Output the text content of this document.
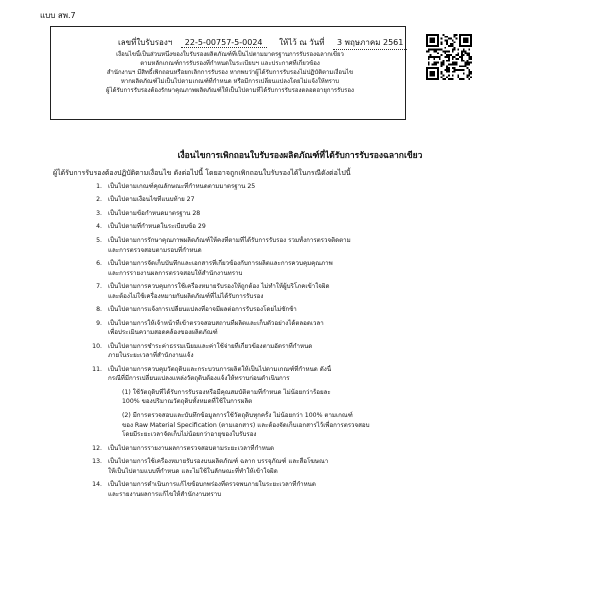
แบบ สพ.7
เลขที่ใบรับรองฯ 22-5-00757-5-0024 ให้ไว้ ณ วันที่ 3 พฤษภาคม 2561

เงื่อนไขนี้เป็นส่วนหนึ่งของใบรับรองผลิตภัณฑ์ที่เป็นไปตามมาตรฐานการรับรองฉลากเขียว

ตามหลักเกณฑ์การรับรองที่กำหนดในระเบียบฯ และประกาศที่เกี่ยวข้อง

สำนักงานฯ มีสิทธิ์เพิกถอนหรือยกเลิกการรับรอง หากพบว่าผู้ได้รับการรับรองไม่ปฏิบัติตามเงื่อนไข

หากผลิตภัณฑ์ไม่เป็นไปตามเกณฑ์ที่กำหนด หรือมีการเปลี่ยนแปลงโดยไม่แจ้งให้ทราบ

ผู้ได้รับการรับรองต้องรักษาคุณภาพผลิตภัณฑ์ให้เป็นไปตามที่ได้รับการรับรองตลอดอายุการรับรอง

เงื่อนไขการเพิกถอนใบรับรองผลิตภัณฑ์ที่ได้รับการรับรองฉลากเขียว
ผู้ได้รับการรับรองต้องปฏิบัติตามเงื่อนไข ดังต่อไปนี้ โดยอาจถูกเพิกถอนใบรับรองได้ในกรณีดังต่อไปนี้
1. เป็นไปตามเกณฑ์คุณลักษณะที่กำหนดตามมาตรฐาน 25
2. เป็นไปตามเงื่อนไขที่แนบท้าย 27
3. เป็นไปตามข้อกำหนดมาตรฐาน 28
4. เป็นไปตามที่กำหนดในระเบียบข้อ 29
5. เป็นไปตามการรักษาคุณภาพผลิตภัณฑ์ให้คงที่ตามที่ได้รับการรับรอง รวมทั้งการตรวจติดตาม
และการตรวจสอบตามรอบที่กำหนด
6. เป็นไปตามการจัดเก็บบันทึกและเอกสารที่เกี่ยวข้องกับการผลิตและการควบคุมคุณภาพ
และการรายงานผลการตรวจสอบให้สำนักงานทราบ
7. เป็นไปตามการควบคุมการใช้เครื่องหมายรับรองให้ถูกต้อง ไม่ทำให้ผู้บริโภคเข้าใจผิด
และต้องไม่ใช้เครื่องหมายกับผลิตภัณฑ์ที่ไม่ได้รับการรับรอง
8. เป็นไปตามการแจ้งการเปลี่ยนแปลงที่อาจมีผลต่อการรับรองโดยไม่ชักช้า
9. เป็นไปตามการให้เจ้าหน้าที่เข้าตรวจสอบสถานที่ผลิตและเก็บตัวอย่างได้ตลอดเวลา
เพื่อประเมินความสอดคล้องของผลิตภัณฑ์
10. เป็นไปตามการชำระค่าธรรมเนียมและค่าใช้จ่ายที่เกี่ยวข้องตามอัตราที่กำหนด
ภายในระยะเวลาที่สำนักงานแจ้ง
11. เป็นไปตามการควบคุมวัตถุดิบและกระบวนการผลิตให้เป็นไปตามเกณฑ์ที่กำหนด ดังนี้
กรณีที่มีการเปลี่ยนแปลงแหล่งวัตถุดิบต้องแจ้งให้ทราบก่อนดำเนินการ
(1) ใช้วัตถุดิบที่ได้รับการรับรองหรือมีคุณสมบัติตามที่กำหนด ไม่น้อยกว่าร้อยละ
100% ของปริมาณวัตถุดิบทั้งหมดที่ใช้ในการผลิต
(2) มีการตรวจสอบและบันทึกข้อมูลการใช้วัตถุดิบทุกครั้ง ไม่น้อยกว่า 100% ตามเกณฑ์
ของ Raw Material Specification (ตามเอกสาร) และต้องจัดเก็บเอกสารไว้เพื่อการตรวจสอบ
โดยมีระยะเวลาจัดเก็บไม่น้อยกว่าอายุของใบรับรอง
12. เป็นไปตามการรายงานผลการตรวจสอบตามระยะเวลาที่กำหนด
13. เป็นไปตามการใช้เครื่องหมายรับรองบนผลิตภัณฑ์ ฉลาก บรรจุภัณฑ์ และสื่อโฆษณา
ให้เป็นไปตามแบบที่กำหนด และไม่ใช้ในลักษณะที่ทำให้เข้าใจผิด
14. เป็นไปตามการดำเนินการแก้ไขข้อบกพร่องที่ตรวจพบภายในระยะเวลาที่กำหนด
และรายงานผลการแก้ไขให้สำนักงานทราบ
